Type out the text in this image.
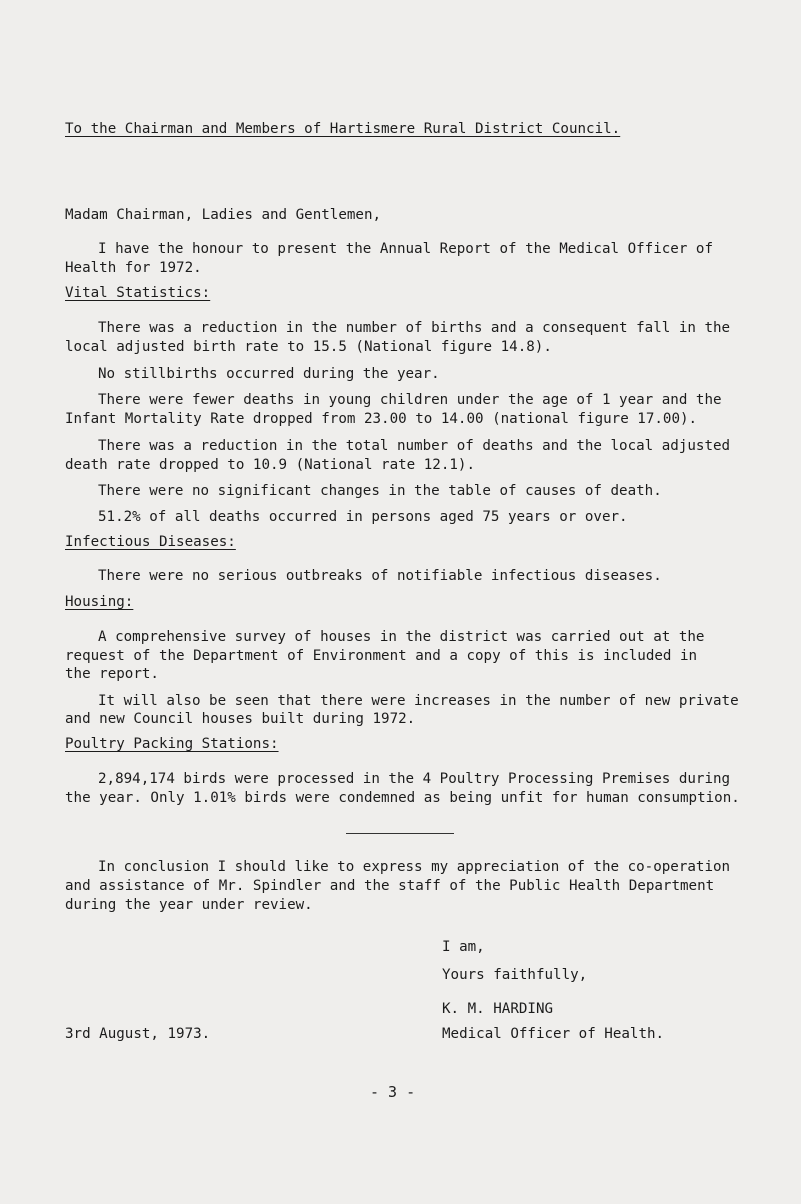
To the Chairman and Members of Hartismere Rural District Council.
Madam Chairman, Ladies and Gentlemen,
I have the honour to present the Annual Report of the Medical Officer of
Health for 1972.
Vital Statistics:
There was a reduction in the number of births and a consequent fall in the
local adjusted birth rate to 15.5 (National figure 14.8).
No stillbirths occurred during the year.
There were fewer deaths in young children under the age of 1 year and the
Infant Mortality Rate dropped from 23.00 to 14.00 (national figure 17.00).
There was a reduction in the total number of deaths and the local adjusted
death rate dropped to 10.9 (National rate 12.1).
There were no significant changes in the table of causes of death.
51.2% of all deaths occurred in persons aged 75 years or over.
Infectious Diseases:
There were no serious outbreaks of notifiable infectious diseases.
Housing:
A comprehensive survey of houses in the district was carried out at the
request of the Department of Environment and a copy of this is included in
the report.
It will also be seen that there were increases in the number of new private
and new Council houses built during 1972.
Poultry Packing Stations:
2,894,174 birds were processed in the 4 Poultry Processing Premises during
the year. Only 1.01% birds were condemned as being unfit for human consumption.
In conclusion I should like to express my appreciation of the co-operation
and assistance of Mr. Spindler and the staff of the Public Health Department
during the year under review.
I am,
Yours faithfully,
K. M. HARDING
Medical Officer of Health.
3rd August, 1973.
- 3 -
